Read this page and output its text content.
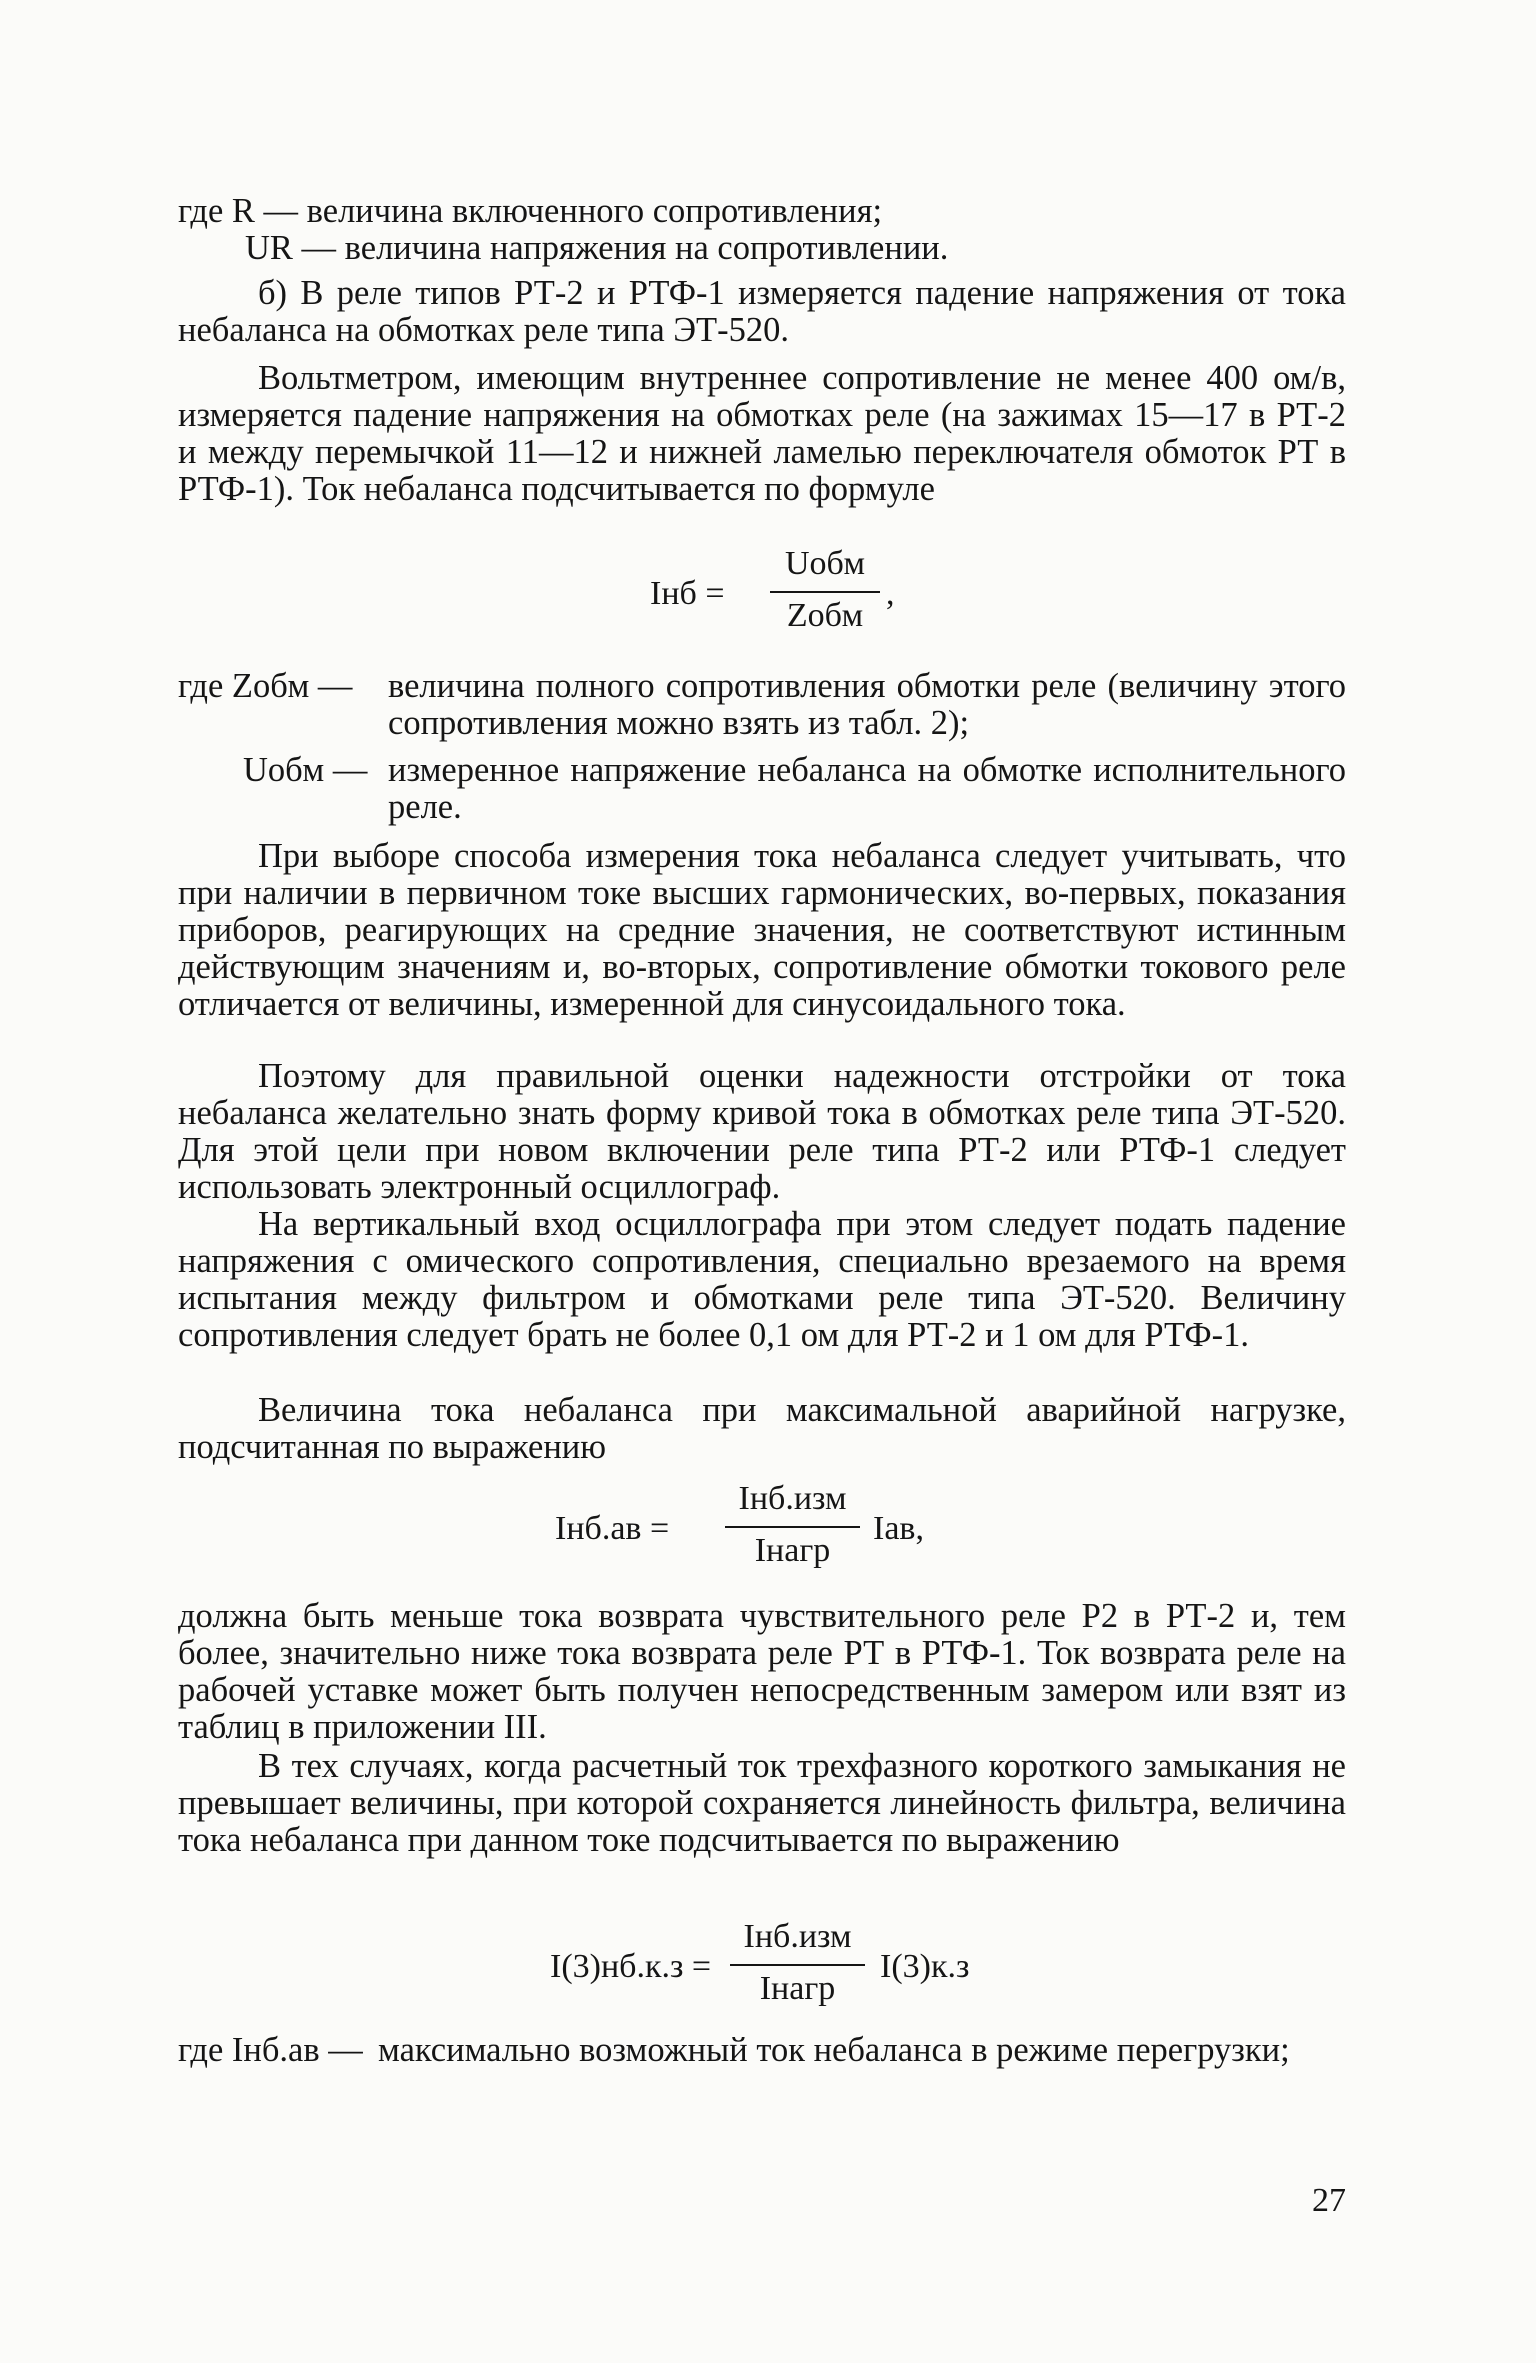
где R — величина включенного сопротивления;
UR — величина напряжения на сопротивлении.

б) В реле типов РТ-2 и РТФ-1 измеряется падение напряжения от тока небаланса на обмотках реле типа ЭТ-520.

Вольтметром, имеющим внутреннее сопротивление не менее 400 ом/в, измеряется падение напряжения на обмотках реле (на зажимах 15—17 в РТ-2 и между перемычкой 11—12 и нижней ламелью переключателя обмоток РТ в РТФ-1). Ток небаланса подсчитывается по формуле

Iнб =
Uобм
Zобм
,
где Zобм — величина полного сопротивления обмотки реле (величину этого сопротивления можно взять из табл. 2);

Uобм — измеренное напряжение небаланса на обмотке исполнительного реле.

При выборе способа измерения тока небаланса следует учитывать, что при наличии в первичном токе высших гармонических, во-первых, показания приборов, реагирующих на средние значения, не соответствуют истинным действующим значениям и, во-вторых, сопротивление обмотки токового реле отличается от величины, измеренной для синусоидального тока.

Поэтому для правильной оценки надежности отстройки от тока небаланса желательно знать форму кривой тока в обмотках реле типа ЭТ-520. Для этой цели при новом включении реле типа РТ-2 или РТФ-1 следует использовать электронный осциллограф.

На вертикальный вход осциллографа при этом следует подать падение напряжения с омического сопротивления, специально врезаемого на время испытания между фильтром и обмотками реле типа ЭТ-520. Величину сопротивления следует брать не более 0,1 ом для РТ-2 и 1 ом для РТФ-1.

Величина тока небаланса при максимальной аварийной нагрузке, подсчитанная по выражению

Iнб.ав =
Iнб.изм
Iнагр
Iав,

должна быть меньше тока возврата чувствительного реле Р2 в РТ-2 и, тем более, значительно ниже тока возврата реле РТ в РТФ-1. Ток возврата реле на рабочей уставке может быть получен непосредственным замером или взят из таблиц в приложении III.

В тех случаях, когда расчетный ток трехфазного короткого замыкания не превышает величины, при которой сохраняется линейность фильтра, величина тока небаланса при данном токе подсчитывается по выражению

I(3)нб.к.з =
Iнб.изм
Iнагр
I(3)к.з
где Iнб.ав — максимально возможный ток небаланса в режиме перегрузки;

27
